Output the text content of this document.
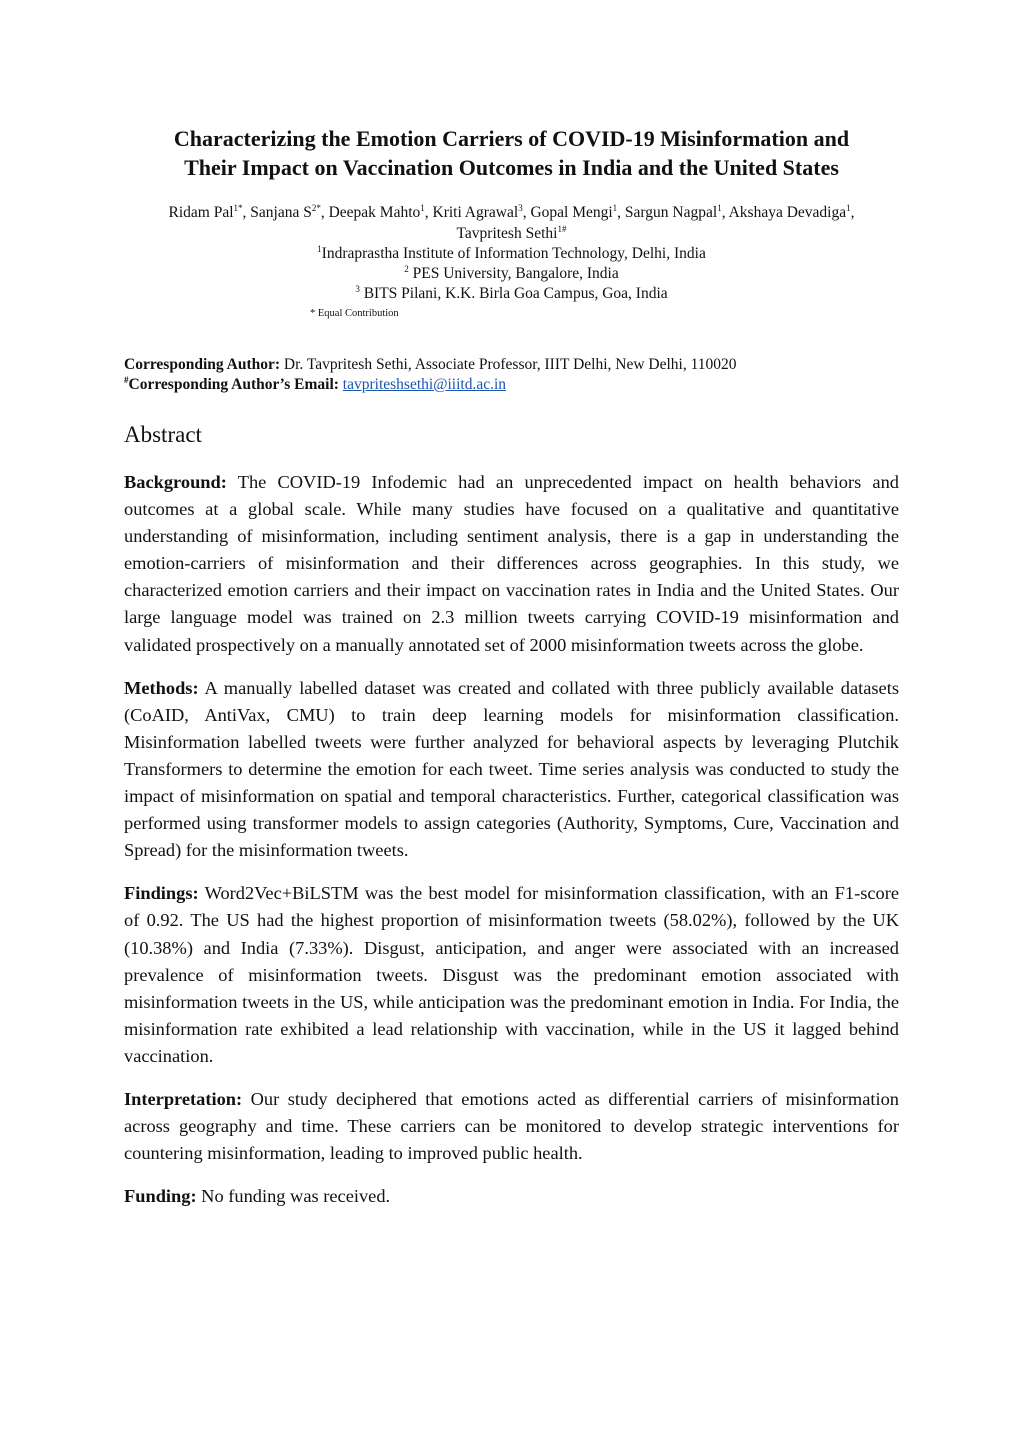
Characterizing the Emotion Carriers of COVID-19 Misinformation and
Their Impact on Vaccination Outcomes in India and the United States
Ridam Pal$^{1*}$, Sanjana $S^{2*}$, Deepak Mahto$^1$, Kriti Agrawal$^3$, Gopal Mengi$^1$, Sargun Nagpal$^1$, Akshaya Devadiga$^1$,
Tavpritesh Sethi$^{1\#}$
$^1$Indraprastha Institute of Information Technology, Delhi, India
$^2$ PES University, Bangalore, India
$^3$ BITS Pilani, K.K. Birla Goa Campus, Goa, India
* Equal Contribution
Corresponding Author: Dr. Tavpritesh Sethi, Associate Professor, IIIT Delhi, New Delhi, 110020
#Corresponding Author’s Email: tavpriteshsethi@iiitd.ac.in
Abstract

Background: The COVID-19 Infodemic had an unprecedented impact on health behaviors and outcomes at a global scale. While many studies have focused on a qualitative and quantitative understanding of misinformation, including sentiment analysis, there is a gap in understanding the emotion-carriers of misinformation and their differences across geographies. In this study, we characterized emotion carriers and their impact on vaccination rates in India and the United States. Our large language model was trained on 2.3 million tweets carrying COVID-19 misinformation and validated prospectively on a manually annotated set of 2000 misinformation tweets across the globe.

Methods: A manually labelled dataset was created and collated with three publicly available datasets (CoAID, AntiVax, CMU) to train deep learning models for misinformation classification. Misinformation labelled tweets were further analyzed for behavioral aspects by leveraging Plutchik Transformers to determine the emotion for each tweet. Time series analysis was conducted to study the impact of misinformation on spatial and temporal characteristics. Further, categorical classification was performed using transformer models to assign categories (Authority, Symptoms, Cure, Vaccination and Spread) for the misinformation tweets.

Findings: Word2Vec+BiLSTM was the best model for misinformation classification, with an F1-score of 0.92. The US had the highest proportion of misinformation tweets (58.02%), followed by the UK (10.38%) and India (7.33%). Disgust, anticipation, and anger were associated with an increased prevalence of misinformation tweets. Disgust was the predominant emotion associated with misinformation tweets in the US, while anticipation was the predominant emotion in India. For India, the misinformation rate exhibited a lead relationship with vaccination, while in the US it lagged behind vaccination.

Interpretation: Our study deciphered that emotions acted as differential carriers of misinformation across geography and time. These carriers can be monitored to develop strategic interventions for countering misinformation, leading to improved public health.

Funding: No funding was received.
